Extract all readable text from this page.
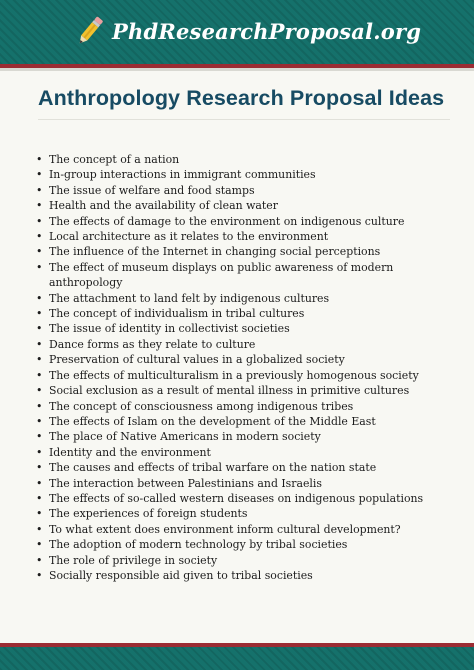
PhdResearchProposal.org
Anthropology Research Proposal Ideas
• The concept of a nation
• In-group interactions in immigrant communities
• The issue of welfare and food stamps
• Health and the availability of clean water
• The effects of damage to the environment on indigenous culture
• Local architecture as it relates to the environment
• The influence of the Internet in changing social perceptions
• The effect of museum displays on public awareness of modern anthropology
• The attachment to land felt by indigenous cultures
• The concept of individualism in tribal cultures
• The issue of identity in collectivist societies
• Dance forms as they relate to culture
• Preservation of cultural values in a globalized society
• The effects of multiculturalism in a previously homogenous society
• Social exclusion as a result of mental illness in primitive cultures
• The concept of consciousness among indigenous tribes
• The effects of Islam on the development of the Middle East
• The place of Native Americans in modern society
• Identity and the environment
• The causes and effects of tribal warfare on the nation state
• The interaction between Palestinians and Israelis
• The effects of so-called western diseases on indigenous populations
• The experiences of foreign students
• To what extent does environment inform cultural development?
• The adoption of modern technology by tribal societies
• The role of privilege in society
• Socially responsible aid given to tribal societies
